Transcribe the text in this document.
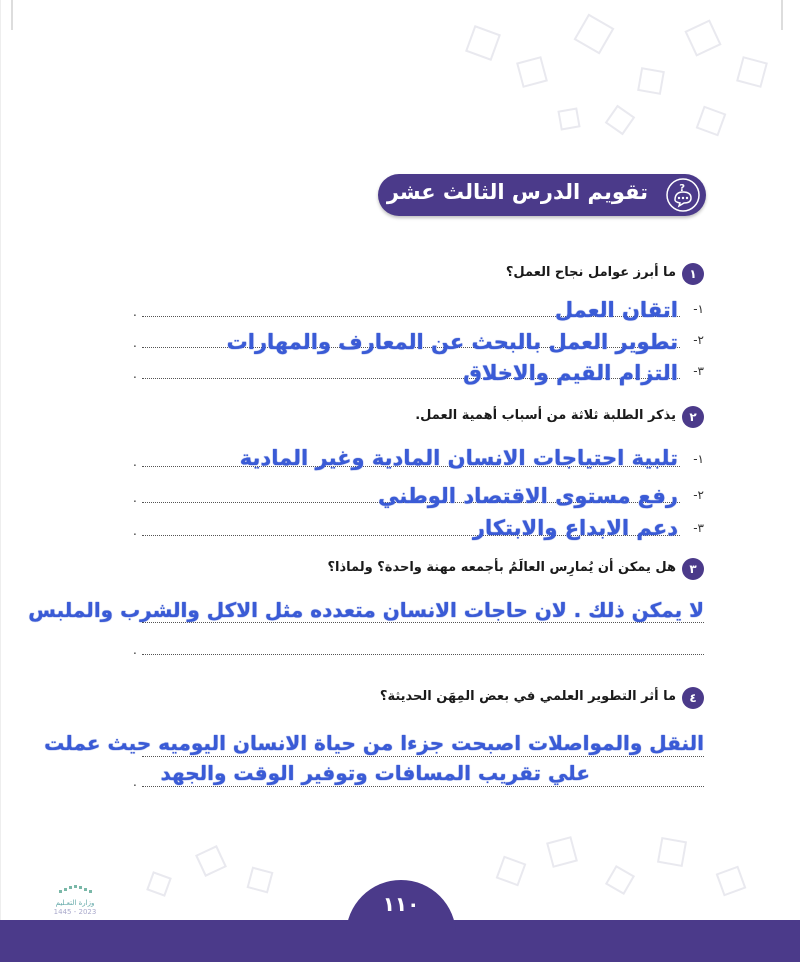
تقويم الدرس الثالث عشر	?
١
ما أبرز عوامل نجاح العمل؟
١-
.	اتقان العمل
٢-
.	تطوير العمل بالبحث عن المعارف والمهارات
٣-
.	التزام القيم والاخلاق
٢
يذكر الطلبة ثلاثة من أسباب أهمية العمل.
١-
.	تلبية احتياجات الانسان المادية وغير المادية
٢-
.	رفع مستوى الاقتصاد الوطني
٣-
.	دعم الابداع والابتكار
٣
هل يمكن أن يُمارِس العالَمُ بأجمعه مهنة واحدة؟ ولماذا؟
لا يمكن ذلك . لان حاجات الانسان متعدده مثل الاكل والشرب والملبس
.
٤
ما أثر التطوير العلمي في بعض المِهَن الحديثة؟
النقل والمواصلات اصبحت جزءا من حياة الانسان اليوميه حيث عملت
. علي تقريب المسافات وتوفير الوقت والجهد
١١٠
وزارة التعـليم
2023 - 1445
